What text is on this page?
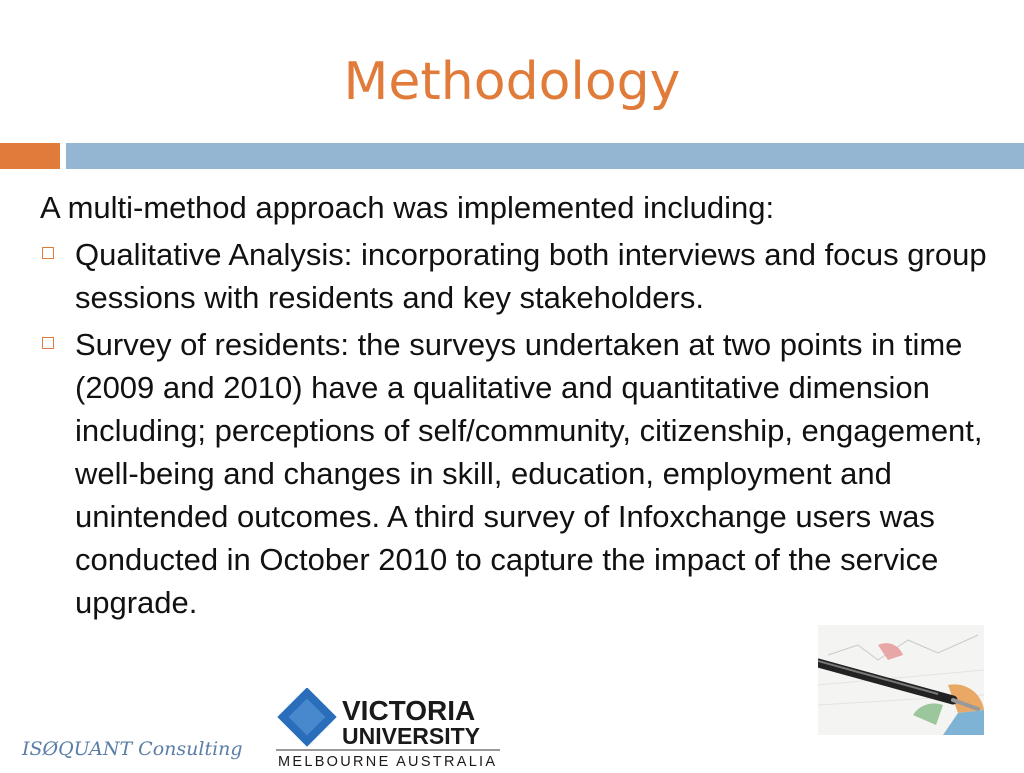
Methodology

A multi-method approach was implemented including:

Qualitative Analysis: incorporating both interviews and focus group sessions with residents and key stakeholders.
Survey of residents: the surveys undertaken at two points in time (2009 and 2010) have a qualitative and quantitative dimension including; perceptions of self/community, citizenship, engagement, well-being and changes in skill, education, employment and unintended outcomes. A third survey of Infoxchange users was conducted in October 2010 to capture the impact of the service upgrade.
VICTORIA
UNIVERSITY
MELBOURNE AUSTRALIA
ISØQUANT Consulting
